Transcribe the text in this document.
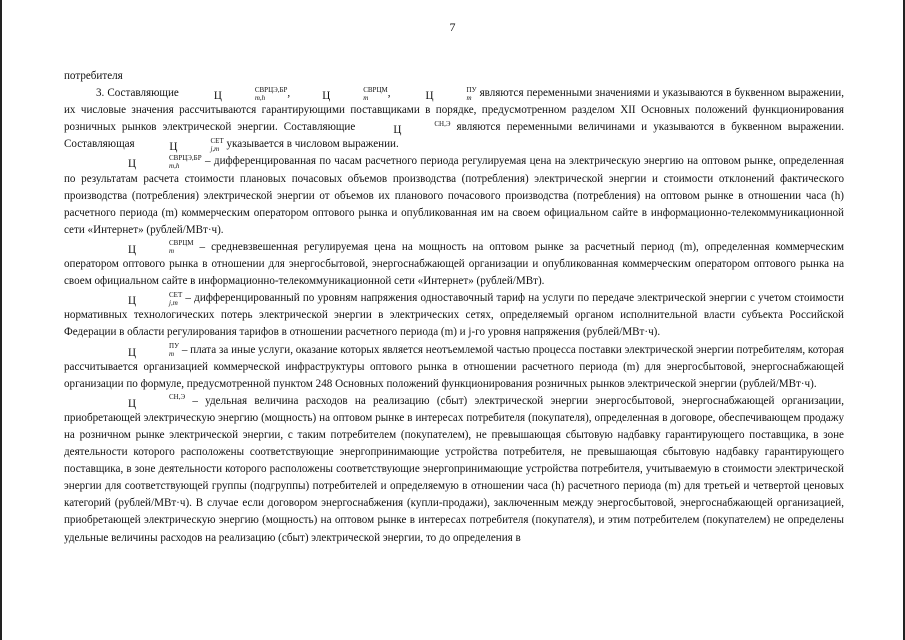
7

потребителя

3. Составляющие	Ц
СВРЦЭ,БР
m,h	,	Ц
СВРЦМ
m	,	Ц
ПУ
m являются переменными значениями и указываются в буквенном выражении, их числовые значения рассчитываются гарантирующими поставщиками в порядке, предусмотренном разделом XII Основных положений функционирования розничных рынков электрической энергии. Составляющие	Ц
СН,Э
являются переменными величинами и указываются в буквенном выражении. Составляющая	Ц
СЕТ
j,m указывается в числовом выражении.

Ц
СВРЦЭ,БР
m,h	– дифференцированная по часам расчетного периода регулируемая цена на электрическую энергию на оптовом рынке, определенная по результатам расчета стоимости плановых почасовых объемов производства (потребления) электрической энергии и стоимости отклонений фактического производства (потребления) электрической энергии от объемов их планового почасового производства (потребления) на оптовом рынке в отношении часа (h) расчетного периода (m) коммерческим оператором оптового рынка и опубликованная им на своем официальном сайте в информационно-телекоммуникационной сети «Интернет» (рублей/МВт·ч).

Ц
СВРЦМ
m	– средневзвешенная регулируемая цена на мощность на оптовом рынке за расчетный период (m), определенная коммерческим оператором оптового рынка в отношении для энергосбытовой, энергоснабжающей организации и опубликованная коммерческим оператором оптового рынка на своем официальном сайте в информационно-телекоммуникационной сети «Интернет» (рублей/МВт).

Ц
СЕТ
j,m – дифференцированный по уровням напряжения одноставочный тариф на услуги по передаче электрической энергии с учетом стоимости нормативных технологических потерь электрической энергии в электрических сетях, определяемый органом исполнительной власти субъекта Российской Федерации в области регулирования тарифов в отношении расчетного периода (m) и j-го уровня напряжения (рублей/МВт·ч).

Ц
ПУ
m – плата за иные услуги, оказание которых является неотъемлемой частью процесса поставки электрической энергии потребителям, которая рассчитывается организацией коммерческой инфраструктуры оптового рынка в отношении расчетного периода (m) для энергосбытовой, энергоснабжающей организации по формуле, предусмотренной пунктом 248 Основных положений функционирования розничных рынков электрической энергии (рублей/МВт·ч).

Ц
СН,Э
– удельная величина расходов на реализацию (сбыт) электрической энергии энергосбытовой, энергоснабжающей организации, приобретающей электрическую энергию (мощность) на оптовом рынке в интересах потребителя (покупателя), определенная в договоре, обеспечивающем продажу на розничном рынке электрической энергии, с таким потребителем (покупателем), не превышающая сбытовую надбавку гарантирующего поставщика, в зоне деятельности которого расположены соответствующие энергопринимающие устройства потребителя, не превышающая сбытовую надбавку гарантирующего поставщика, в зоне деятельности которого расположены соответствующие энергопринимающие устройства потребителя, учитываемую в стоимости электрической энергии для соответствующей группы (подгруппы) потребителей и определяемую в отношении часа (h) расчетного периода (m) для третьей и четвертой ценовых категорий (рублей/МВт·ч). В случае если договором энергоснабжения (купли-продажи), заключенным между энергосбытовой, энергоснабжающей организацией, приобретающей электрическую энергию (мощность) на оптовом рынке в интересах потребителя (покупателя), и этим потребителем (покупателем) не определены удельные величины расходов на реализацию (сбыт) электрической энергии, то до определения в
